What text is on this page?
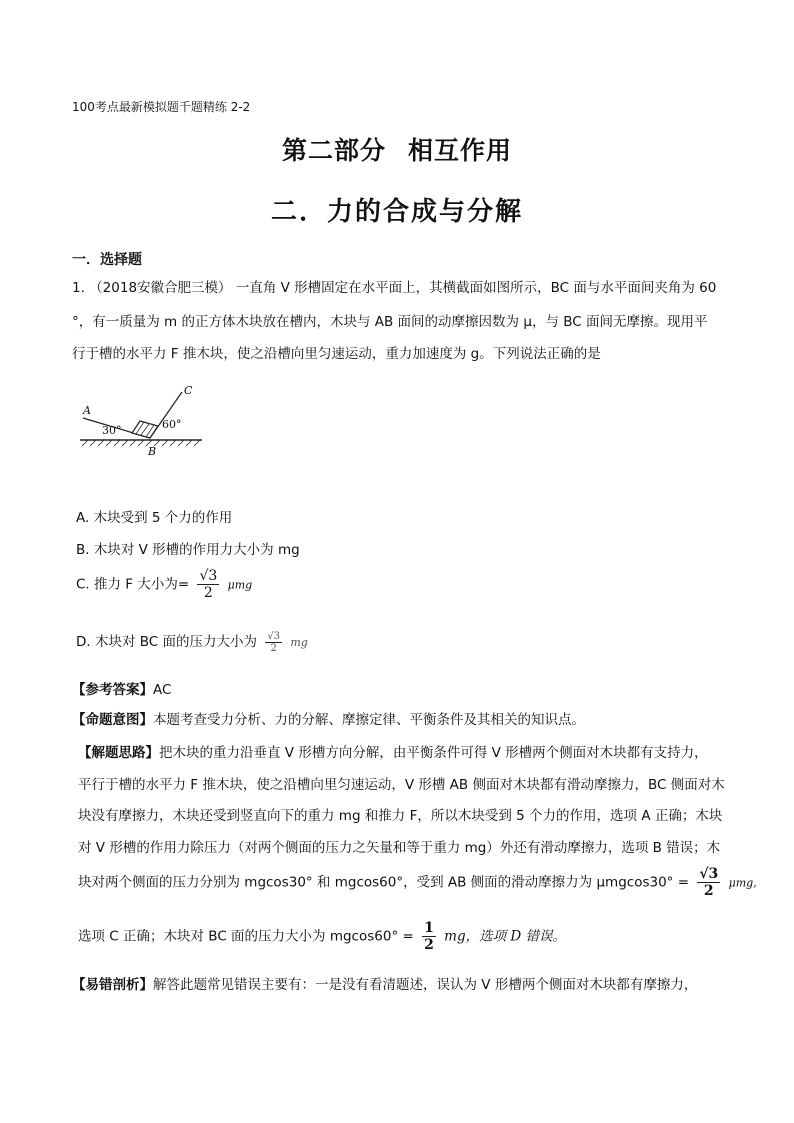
100考点最新模拟题千题精练 2-2
第二部分 相互作用
二．力的合成与分解
一．选择题
1. （2018安徽合肥三模） 一直角 V 形槽固定在水平面上，其横截面如图所示，BC 面与水平面间夹角为 60
°，有一质量为 m 的正方体木块放在槽内，木块与 AB 面间的动摩擦因数为 μ，与 BC 面间无摩擦。现用平
行于槽的水平力 F 推木块，使之沿槽向里匀速运动，重力加速度为 g。下列说法正确的是
A
C
B
30°	60°
A. 木块受到 5 个力的作用
B. 木块对 V 形槽的作用力大小为 mg
C. 推力 F 大小为= $\frac{√3}{2}$ μmg
D. 木块对 BC 面的压力大小为 $\frac{√3}{2}$ mg
【参考答案】AC
【命题意图】本题考查受力分析、力的分解、摩擦定律、平衡条件及其相关的知识点。
【解题思路】把木块的重力沿垂直 V 形槽方向分解，由平衡条件可得 V 形槽两个侧面对木块都有支持力，
平行于槽的水平力 F 推木块，使之沿槽向里匀速运动，V 形槽 AB 侧面对木块都有滑动摩擦力，BC 侧面对木
块没有摩擦力，木块还受到竖直向下的重力 mg 和推力 F，所以木块受到 5 个力的作用，选项 A 正确；木块
对 V 形槽的作用力除压力（对两个侧面的压力之矢量和等于重力 mg）外还有滑动摩擦力，选项 B 错误；木
块对两个侧面的压力分别为 mgcos30° 和 mgcos60°，受到 AB 侧面的滑动摩擦力为 $\mu mgcos30^\circ = \frac{√3}{2} \mu mg$,
选项 C 正确；木块对 BC 面的压力大小为 $mgcos60^\circ = \frac{1}{2}$ mg，选项 D 错误。
【易错剖析】解答此题常见错误主要有：一是没有看清题述，误认为 V 形槽两个侧面对木块都有摩擦力，
